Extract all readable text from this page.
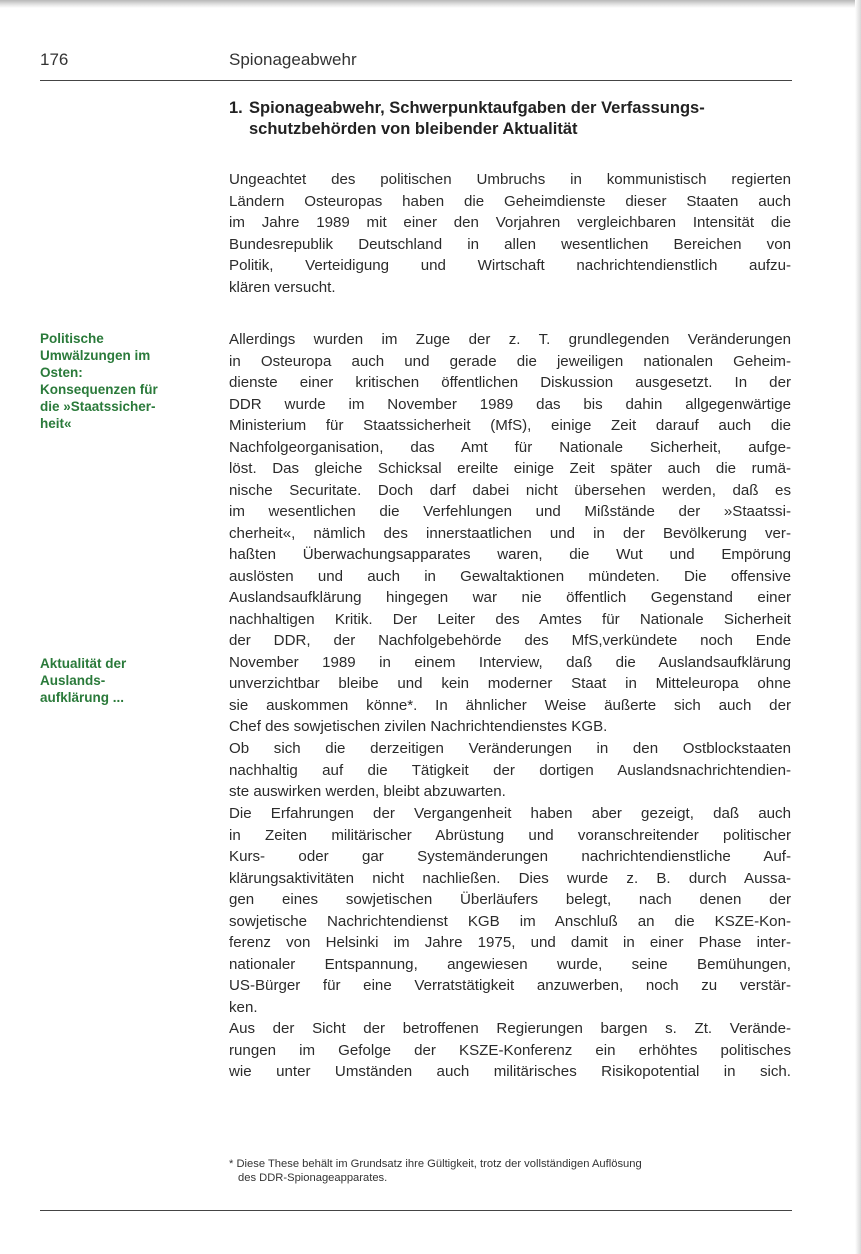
176	Spionageabwehr
1. Spionageabwehr, Schwerpunktaufgaben der Verfassungs-
schutzbehörden von bleibender Aktualität
Politische
Umwälzungen im
Osten:
Konsequenzen für
die »Staatssicher-
heit«
Aktualität der
Auslands-
aufklärung ...
Ungeachtet des politischen Umbruchs in kommunistisch regierten
Ländern Osteuropas haben die Geheimdienste dieser Staaten auch
im Jahre 1989 mit einer den Vorjahren vergleichbaren Intensität die
Bundesrepublik Deutschland in allen wesentlichen Bereichen von
Politik, Verteidigung und Wirtschaft nachrichtendienstlich aufzu-
klären versucht.
Allerdings wurden im Zuge der z. T. grundlegenden Veränderungen
in Osteuropa auch und gerade die jeweiligen nationalen Geheim-
dienste einer kritischen öffentlichen Diskussion ausgesetzt. In der
DDR wurde im November 1989 das bis dahin allgegenwärtige
Ministerium für Staatssicherheit (MfS), einige Zeit darauf auch die
Nachfolgeorganisation, das Amt für Nationale Sicherheit, aufge-
löst. Das gleiche Schicksal ereilte einige Zeit später auch die rumä-
nische Securitate. Doch darf dabei nicht übersehen werden, daß es
im wesentlichen die Verfehlungen und Mißstände der »Staatssi-
cherheit«, nämlich des innerstaatlichen und in der Bevölkerung ver-
haßten Überwachungsapparates waren, die Wut und Empörung
auslösten und auch in Gewaltaktionen mündeten. Die offensive
Auslandsaufklärung hingegen war nie öffentlich Gegenstand einer
nachhaltigen Kritik. Der Leiter des Amtes für Nationale Sicherheit
der DDR, der Nachfolgebehörde des MfS,verkündete noch Ende
November 1989 in einem Interview, daß die Auslandsaufklärung
unverzichtbar bleibe und kein moderner Staat in Mitteleuropa ohne
sie auskommen könne*. In ähnlicher Weise äußerte sich auch der
Chef des sowjetischen zivilen Nachrichtendienstes KGB.
Ob sich die derzeitigen Veränderungen in den Ostblockstaaten
nachhaltig auf die Tätigkeit der dortigen Auslandsnachrichtendien-
ste auswirken werden, bleibt abzuwarten.
Die Erfahrungen der Vergangenheit haben aber gezeigt, daß auch
in Zeiten militärischer Abrüstung und voranschreitender politischer
Kurs- oder gar Systemänderungen nachrichtendienstliche Auf-
klärungsaktivitäten nicht nachließen. Dies wurde z. B. durch Aussa-
gen eines sowjetischen Überläufers belegt, nach denen der
sowjetische Nachrichtendienst KGB im Anschluß an die KSZE-Kon-
ferenz von Helsinki im Jahre 1975, und damit in einer Phase inter-
nationaler Entspannung, angewiesen wurde, seine Bemühungen,
US-Bürger für eine Verratstätigkeit anzuwerben, noch zu verstär-
ken.
Aus der Sicht der betroffenen Regierungen bargen s. Zt. Verände-
rungen im Gefolge der KSZE-Konferenz ein erhöhtes politisches
wie unter Umständen auch militärisches Risikopotential in sich.
* Diese These behält im Grundsatz ihre Gültigkeit, trotz der vollständigen Auflösung
des DDR-Spionageapparates.
